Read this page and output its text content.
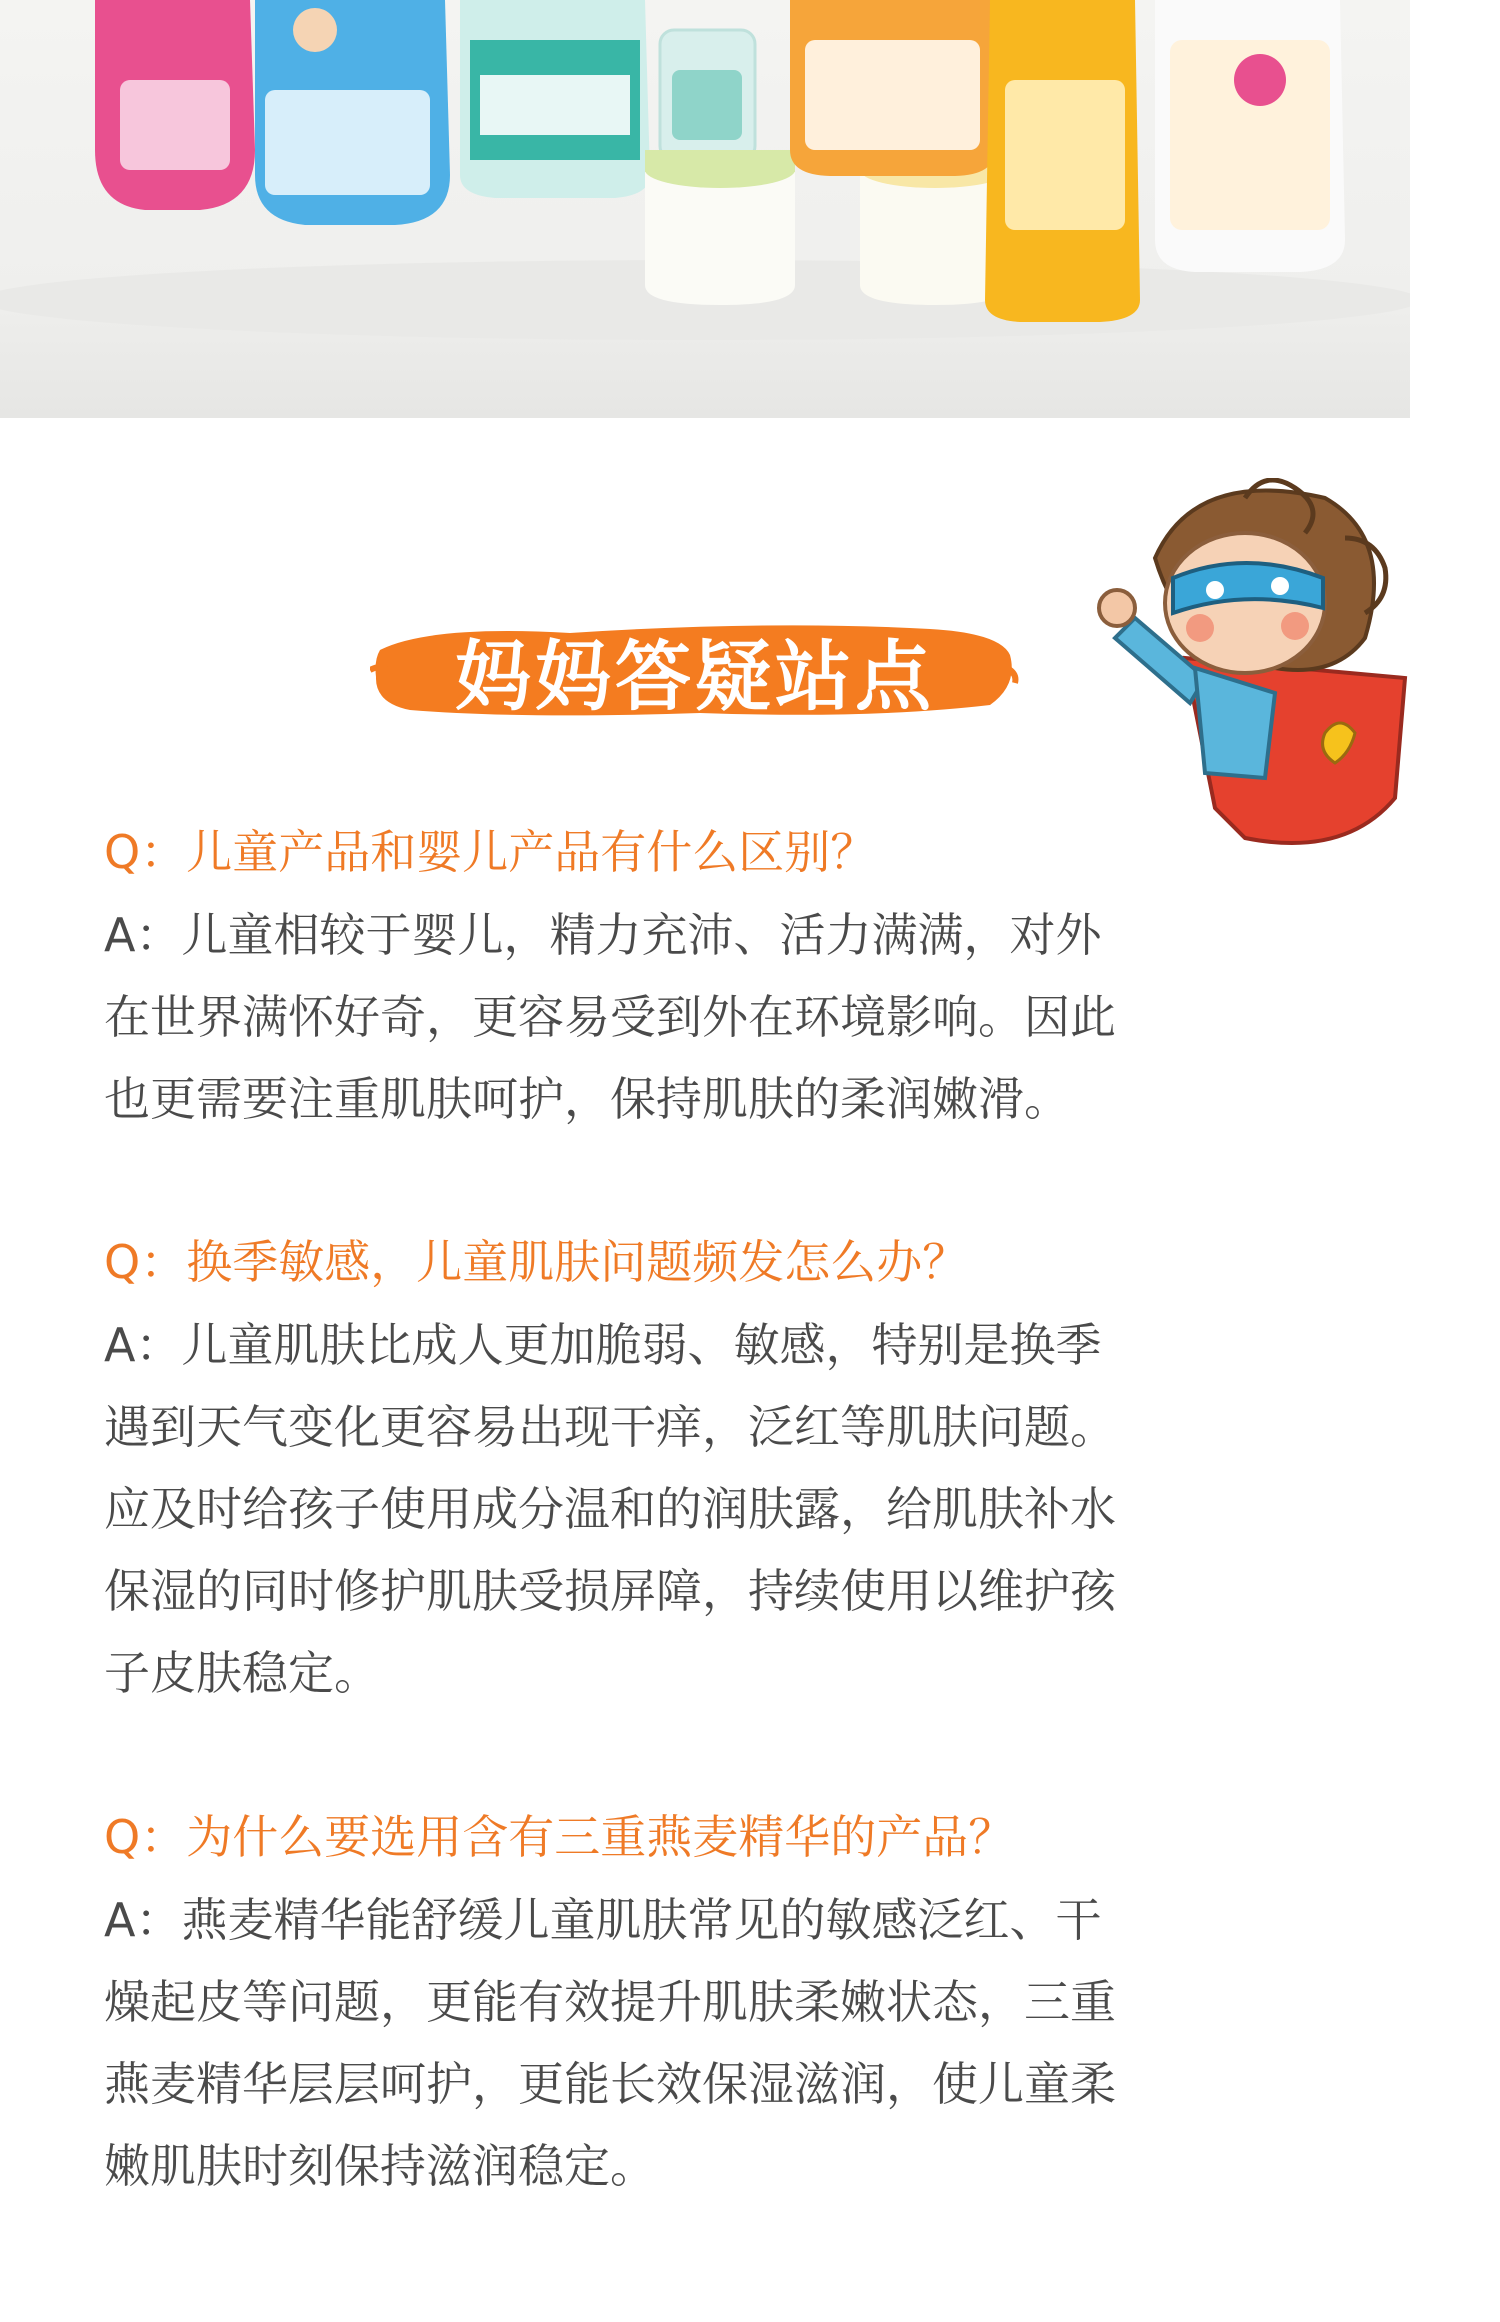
妈妈答疑站点

Q：儿童产品和婴儿产品有什么区别？

A：儿童相较于婴儿，精力充沛、活力满满，对外
在世界满怀好奇，更容易受到外在环境影响。因此
也更需要注重肌肤呵护，保持肌肤的柔润嫩滑。

Q：换季敏感，儿童肌肤问题频发怎么办？

A：儿童肌肤比成人更加脆弱、敏感，特别是换季
遇到天气变化更容易出现干痒，泛红等肌肤问题。
应及时给孩子使用成分温和的润肤露，给肌肤补水
保湿的同时修护肌肤受损屏障，持续使用以维护孩
子皮肤稳定。

Q：为什么要选用含有三重燕麦精华的产品？

A：燕麦精华能舒缓儿童肌肤常见的敏感泛红、干
燥起皮等问题，更能有效提升肌肤柔嫩状态，三重
燕麦精华层层呵护，更能长效保湿滋润，使儿童柔
嫩肌肤时刻保持滋润稳定。
